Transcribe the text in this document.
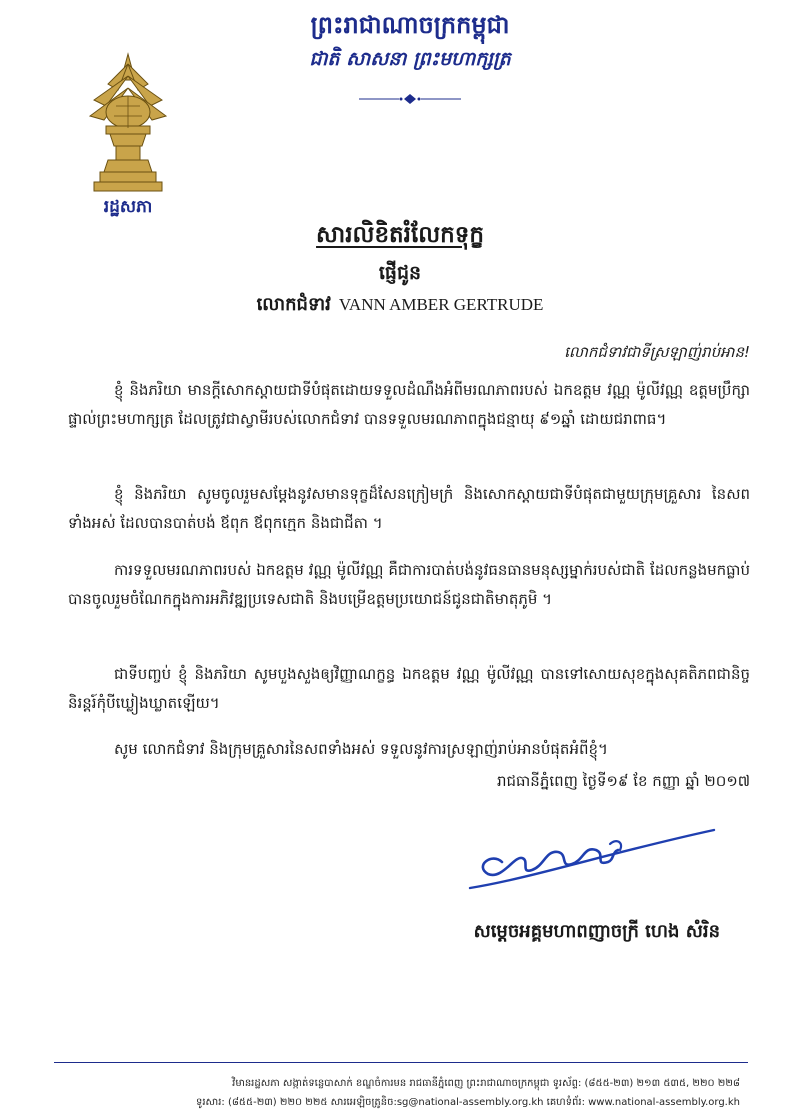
រដ្ឋសភា
ព្រះរាជាណាចក្រកម្ពុជា
ជាតិ សាសនា ព្រះមហាក្សត្រ
សារលិខិតរំលែកទុក្ខ
ផ្ញើជូន
លោកជំទាវ VANN AMBER GERTRUDE
លោកជំទាវជាទីស្រឡាញ់រាប់អាន!
ខ្ញុំ និងភរិយា មានក្ដីសោកស្ដាយជាទីបំផុតដោយទទួលដំណឹងអំពីមរណភាពរបស់ ឯកឧត្តម វណ្ណ ម៉ូលីវណ្ណ ឧត្តមប្រឹក្សាផ្ទាល់ព្រះមហាក្សត្រ ដែលត្រូវជាស្វាមីរបស់លោកជំទាវ បានទទួលមរណភាពក្នុងជន្មាយុ ៩១ឆ្នាំ ដោយជរាពាធ។
ខ្ញុំ និងភរិយា សូមចូលរួមសម្ដែងនូវសមានទុក្ខដ៏សែនក្រៀមក្រំ និងសោកស្ដាយជាទីបំផុតជាមួយក្រុមគ្រួសារ នៃសពទាំងអស់ ដែលបានបាត់បង់ ឪពុក ឪពុកក្មេក និងជាជីតា ។
ការទទួលមរណភាពរបស់ ឯកឧត្តម វណ្ណ ម៉ូលីវណ្ណ គឺជាការបាត់បង់នូវធនធានមនុស្សម្នាក់របស់ជាតិ ដែលកន្លងមកធ្លាប់បានចូលរួមចំណែកក្នុងការអភិវឌ្ឍប្រទេសជាតិ និងបម្រើឧត្តមប្រយោជន៍ជូនជាតិមាតុភូមិ ។
ជាទីបញ្ចប់ ខ្ញុំ និងភរិយា សូមបួងសួងឲ្យវិញ្ញាណក្ខន្ធ ឯកឧត្តម វណ្ណ ម៉ូលីវណ្ណ បានទៅសោយសុខក្នុងសុគតិភពជានិច្ចនិរន្តរ៍កុំបីឃ្លៀងឃ្លាតឡើយ។
សូម លោកជំទាវ និងក្រុមគ្រួសារនៃសពទាំងអស់ ទទួលនូវការស្រឡាញ់រាប់អានបំផុតអំពីខ្ញុំ។
រាជធានីភ្នំពេញ ថ្ងៃទី១៩ ខែ កញ្ញា ឆ្នាំ ២០១៧
សម្ដេចអគ្គមហាពញាចក្រី ហេង សំរិន
វិមានរដ្ឋសភា សង្កាត់ទន្លេបាសាក់ ខណ្ឌចំការមន រាជធានីភ្នំពេញ ព្រះរាជាណាចក្រកម្ពុជា ទូរស័ព្ទ: (៨៥៥-២៣) ២១៣ ៥៣៥, ២២០ ២២៨
ទូរសារ: (៨៥៥-២៣) ២២០ ២២៥ សារអេឡិចត្រូនិច:sg@national-assembly.org.kh គេហទំព័រ: www.national-assembly.org.kh
